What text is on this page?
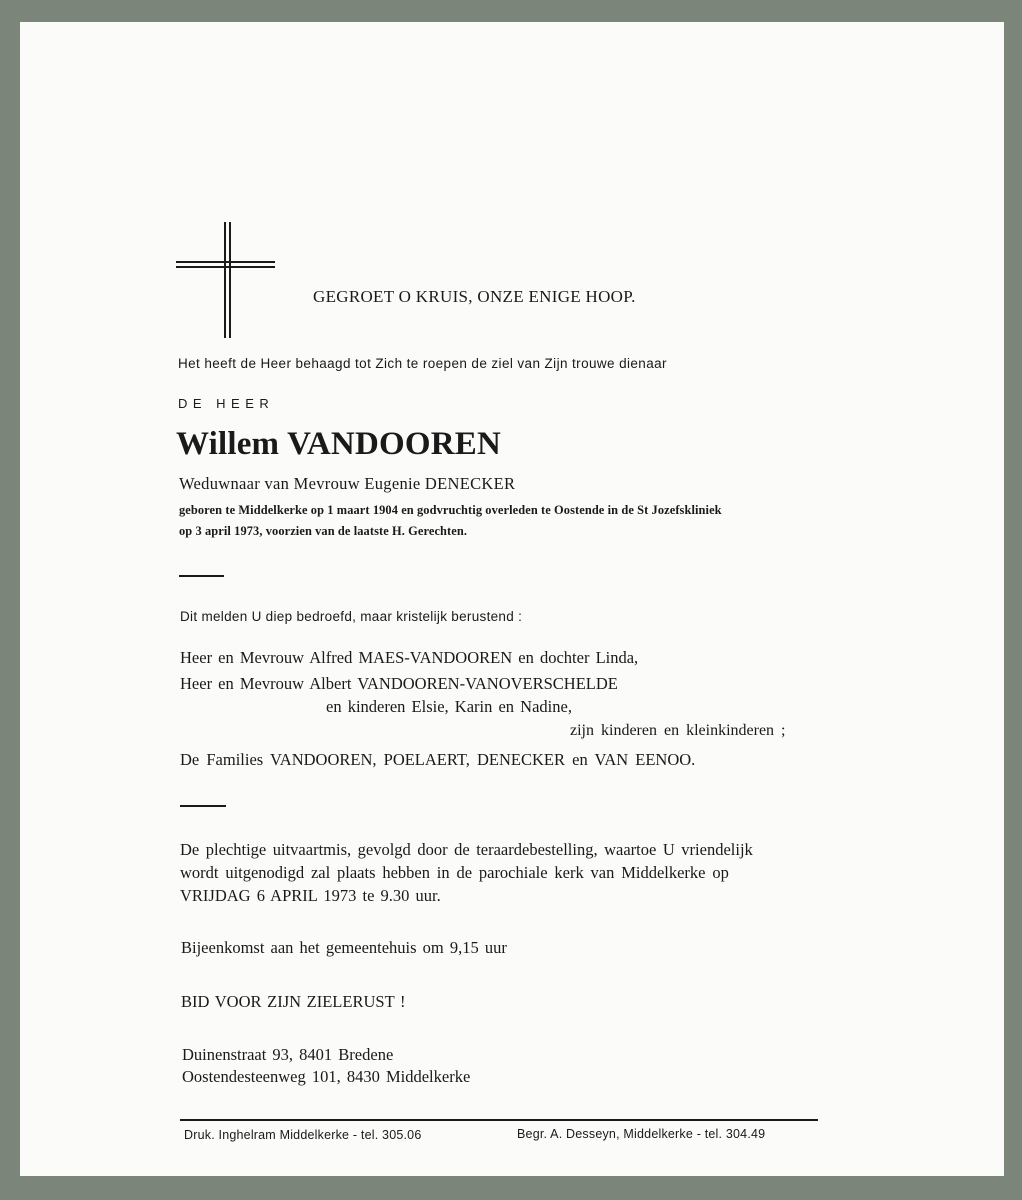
GEGROET O KRUIS, ONZE ENIGE HOOP.
Het heeft de Heer behaagd tot Zich te roepen de ziel van Zijn trouwe dienaar
DE HEER
Willem VANDOOREN
Weduwnaar van Mevrouw Eugenie DENECKER
geboren te Middelkerke op 1 maart 1904 en godvruchtig overleden te Oostende in de St Jozefskliniek
op 3 april 1973, voorzien van de laatste H. Gerechten.
Dit melden U diep bedroefd, maar kristelijk berustend :
Heer en Mevrouw Alfred MAES-VANDOOREN en dochter Linda,
Heer en Mevrouw Albert VANDOOREN-VANOVERSCHELDE
en kinderen Elsie, Karin en Nadine,
zijn kinderen en kleinkinderen ;
De Families VANDOOREN, POELAERT, DENECKER en VAN EENOO.
De plechtige uitvaartmis, gevolgd door de teraardebestelling, waartoe U vriendelijk
wordt uitgenodigd zal plaats hebben in de parochiale kerk van Middelkerke op
VRIJDAG 6 APRIL 1973 te 9.30 uur.
Bijeenkomst aan het gemeentehuis om 9,15 uur
BID VOOR ZIJN ZIELERUST !
Duinenstraat 93, 8401 Bredene
Oostendesteenweg 101, 8430 Middelkerke
Druk. Inghelram Middelkerke - tel. 305.06	Begr. A. Desseyn, Middelkerke - tel. 304.49
